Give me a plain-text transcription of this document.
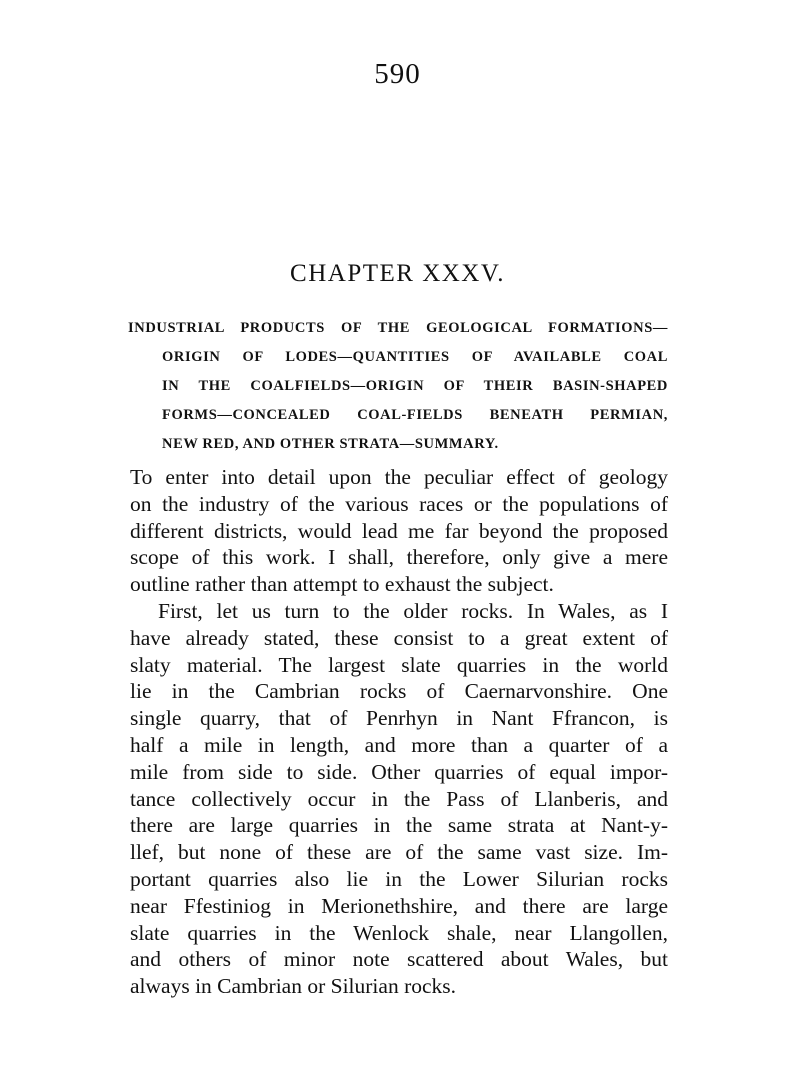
590
CHAPTER XXXV.
INDUSTRIAL PRODUCTS OF THE GEOLOGICAL FORMATIONS—
ORIGIN OF LODES—QUANTITIES OF AVAILABLE COAL
IN THE COALFIELDS—ORIGIN OF THEIR BASIN-SHAPED
FORMS—CONCEALED COAL-FIELDS BENEATH PERMIAN,
NEW RED, AND OTHER STRATA—SUMMARY.
To enter into detail upon the peculiar effect of geology
on the industry of the various races or the populations of
different districts, would lead me far beyond the proposed
scope of this work. I shall, therefore, only give a mere
outline rather than attempt to exhaust the subject.
First, let us turn to the older rocks. In Wales, as I
have already stated, these consist to a great extent of
slaty material. The largest slate quarries in the world
lie in the Cambrian rocks of Caernarvonshire. One
single quarry, that of Penrhyn in Nant Ffrancon, is
half a mile in length, and more than a quarter of a
mile from side to side. Other quarries of equal impor-
tance collectively occur in the Pass of Llanberis, and
there are large quarries in the same strata at Nant-y-
llef, but none of these are of the same vast size. Im-
portant quarries also lie in the Lower Silurian rocks
near Ffestiniog in Merionethshire, and there are large
slate quarries in the Wenlock shale, near Llangollen,
and others of minor note scattered about Wales, but
always in Cambrian or Silurian rocks.
